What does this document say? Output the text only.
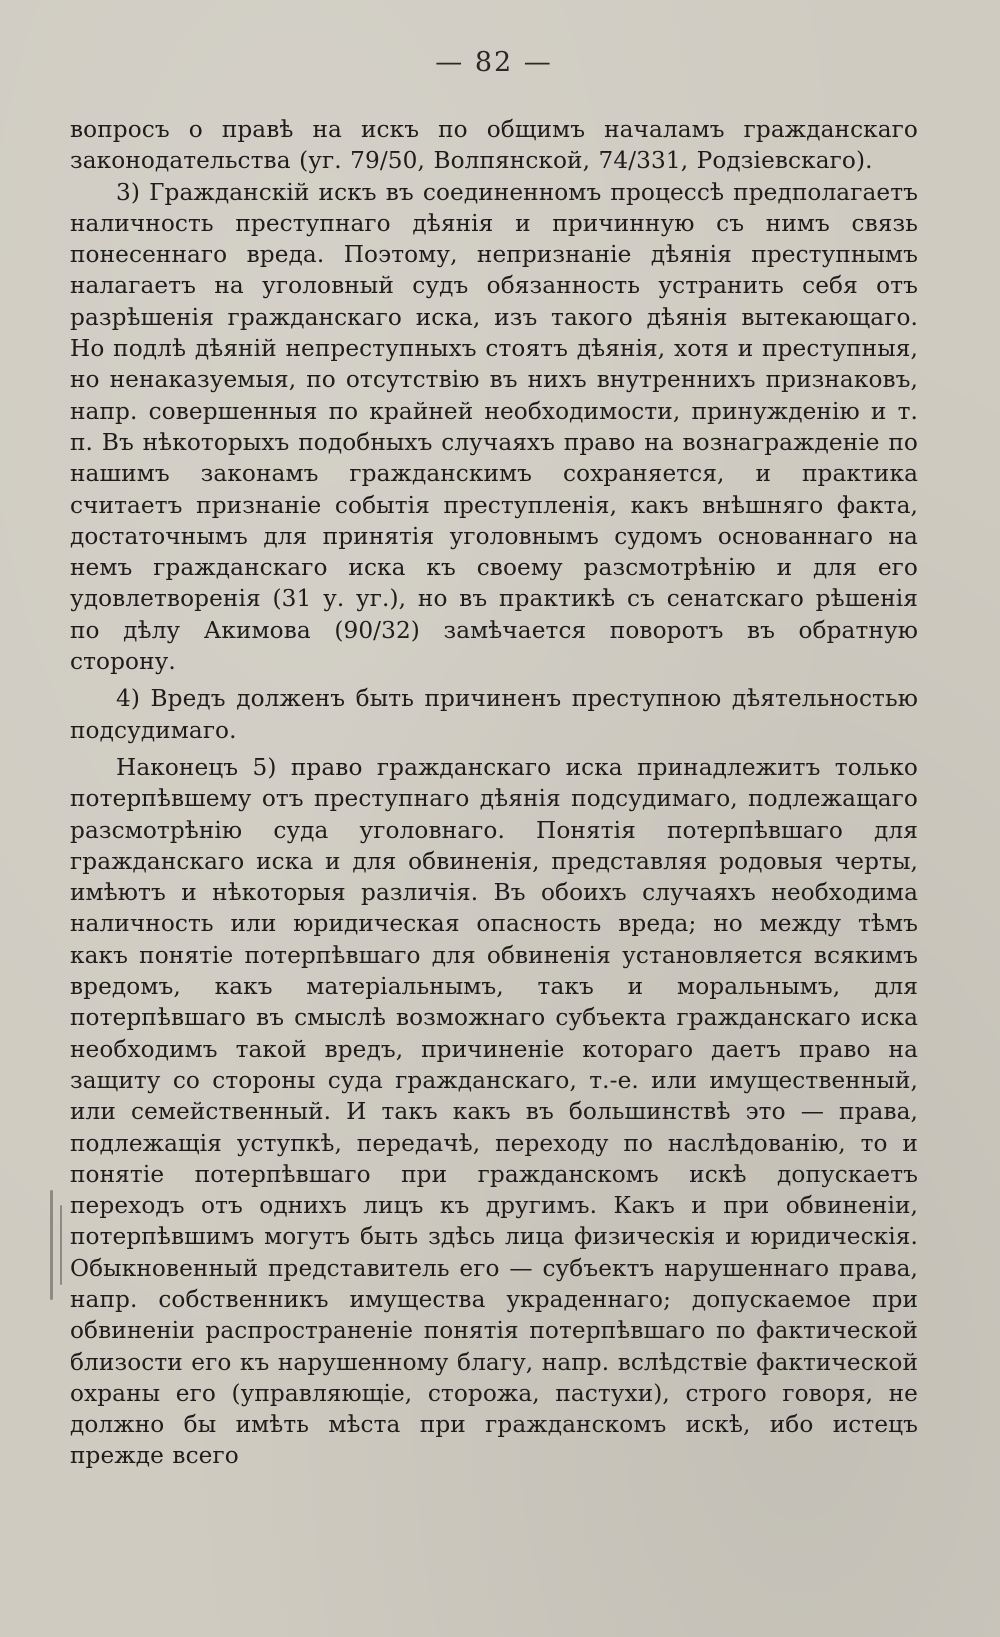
— 82 —

вопросъ о правѣ на искъ по общимъ началамъ гражданскаго законодательства (уг. 79/50, Волпянской, 74/331, Родзіевскаго).

3) Гражданскій искъ въ соединенномъ процессѣ предполагаетъ наличность преступнаго дѣянія и причинную съ нимъ связь понесеннаго вреда. Поэтому, непризнаніе дѣянія преступнымъ налагаетъ на уголовный судъ обязанность устранить себя отъ разрѣшенія гражданскаго иска, изъ такого дѣянія вытекающаго. Но подлѣ дѣяній непреступныхъ стоятъ дѣянія, хотя и преступныя, но ненаказуемыя, по отсутствію въ нихъ внутреннихъ признаковъ, напр. совершенныя по крайней необходимости, принужденію и т. п. Въ нѣкоторыхъ подобныхъ случаяхъ право на вознагражденіе по нашимъ законамъ гражданскимъ сохраняется, и практика считаетъ признаніе событія преступленія, какъ внѣшняго факта, достаточнымъ для принятія уголовнымъ судомъ основаннаго на немъ гражданскаго иска къ своему разсмотрѣнію и для его удовлетворенія (31 у. уг.), но въ практикѣ съ сенатскаго рѣшенія по дѣлу Акимова (90/32) замѣчается поворотъ въ обратную сторону.

4) Вредъ долженъ быть причиненъ преступною дѣятельностью подсудимаго.

Наконецъ 5) право гражданскаго иска принадлежитъ только потерпѣвшему отъ преступнаго дѣянія подсудимаго, подлежащаго разсмотрѣнію суда уголовнаго. Понятія потерпѣвшаго для гражданскаго иска и для обвиненія, представляя родовыя черты, имѣютъ и нѣкоторыя различія. Въ обоихъ случаяхъ необходима наличность или юридическая опасность вреда; но между тѣмъ какъ понятіе потерпѣвшаго для обвиненія установляется всякимъ вредомъ, какъ матеріальнымъ, такъ и моральнымъ, для потерпѣвшаго въ смыслѣ возможнаго субъекта гражданскаго иска необходимъ такой вредъ, причиненіе котораго даетъ право на защиту со стороны суда гражданскаго, т.-е. или имущественный, или семейственный. И такъ какъ въ большинствѣ это — права, подлежащія уступкѣ, передачѣ, переходу по наслѣдованію, то и понятіе потерпѣвшаго при гражданскомъ искѣ допускаетъ переходъ отъ однихъ лицъ къ другимъ. Какъ и при обвиненіи, потерпѣвшимъ могутъ быть здѣсь лица физическія и юридическія. Обыкновенный представитель его — субъектъ нарушеннаго права, напр. собственникъ имущества украденнаго; допускаемое при обвиненіи распространеніе понятія потерпѣвшаго по фактической близости его къ нарушенному благу, напр. вслѣдствіе фактической охраны его (управляющіе, сторожа, пастухи), строго говоря, не должно бы имѣть мѣста при гражданскомъ искѣ, ибо истецъ прежде всего
